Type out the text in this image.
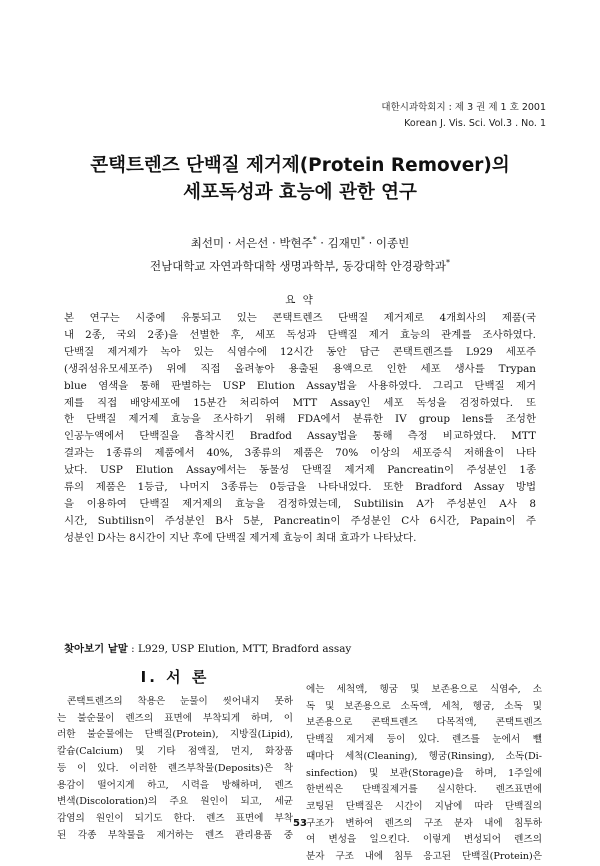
대한시과학회지 : 제 3 권 제 1 호 2001
Korean J. Vis. Sci. Vol.3 . No. 1
콘택트렌즈 단백질 제거제(Protein Remover)의
세포독성과 효능에 관한 연구
최선미 · 서은선 · 박현주* · 김재민* · 이종빈
전남대학교 자연과학대학 생명과학부, 동강대학 안경광학과*
요 약
본 연구는 시중에 유통되고 있는 콘택트렌즈 단백질 제거제로 4개회사의 제품(국
내 2종, 국외 2종)을 선별한 후, 세포 독성과 단백질 제거 효능의 관계를 조사하였다.
단백질 제거제가 녹아 있는 식염수에 12시간 동안 담근 콘택트렌즈를 L929 세포주
(생쥐섬유모세포주) 위에 직접 올려놓아 용출된 용액으로 인한 세포 생사를 Trypan
blue 염색을 통해 판별하는 USP Elution Assay법을 사용하였다. 그리고 단백질 제거
제를 직접 배양세포에 15분간 처리하여 MTT Assay인 세포 독성을 검정하였다. 또
한 단백질 제거제 효능을 조사하기 위해 FDA에서 분류한 IV group lens를 조성한
인공누액에서 단백질을 흡착시킨 Bradfod Assay법을 통해 측정 비교하였다. MTT
결과는 1종류의 제품에서 40%, 3종류의 제품은 70% 이상의 세포증식 저해율이 나타
났다. USP Elution Assay에서는 동물성 단백질 제거제 Pancreatin이 주성분인 1종
류의 제품은 1등급, 나머지 3종류는 0등급을 나타내었다. 또한 Bradford Assay 방법
을 이용하여 단백질 제거제의 효능을 검정하였는데, Subtilisin A가 주성분인 A사 8
시간, Subtilisn이 주성분인 B사 5분, Pancreatin이 주성분인 C사 6시간, Papain이 주
성분인 D사는 8시간이 지난 후에 단백질 제거제 효능이 최대 효과가 나타났다.
찾아보기 낱말 : L929, USP Elution, MTT, Bradford assay
I. 서 론
콘택트렌즈의 착용은 눈물이 씻어내지 못하
는 불순물이 렌즈의 표면에 부착되게 하며, 이
러한 불순물에는 단백질(Protein), 지방질(Lipid),
칼슘(Calcium) 및 기타 점액질, 먼지, 화장품
등 이 있다. 이러한 렌즈부착물(Deposits)은 착
용감이 떨어지게 하고, 시력을 방해하며, 렌즈
변색(Discoloration)의 주요 원인이 되고, 세균
감염의 원인이 되기도 한다. 렌즈 표면에 부착
된 각종 부착물을 제거하는 렌즈 관리용품 중
에는 세척액, 헹굼 및 보존용으로 식염수, 소
독 및 보존용으로 소독액, 세척, 헹굼, 소독 및
보존용으로 콘택트렌즈 다목적액, 콘택트렌즈
단백질 제거제 등이 있다. 렌즈를 눈에서 뺄
때마다 세척(Cleaning), 헹굼(Rinsing), 소독(Di-
sinfection) 및 보관(Storage)을 하며, 1주일에
한번씩은 단백질제거를 실시한다. 렌즈표면에
코팅된 단백질은 시간이 지남에 따라 단백질의
구조가 변하여 렌즈의 구조 분자 내에 침투하
여 변성을 일으킨다. 이렇게 변성되어 렌즈의
분자 구조 내에 침투 응고된 단백질(Protein)은
53
